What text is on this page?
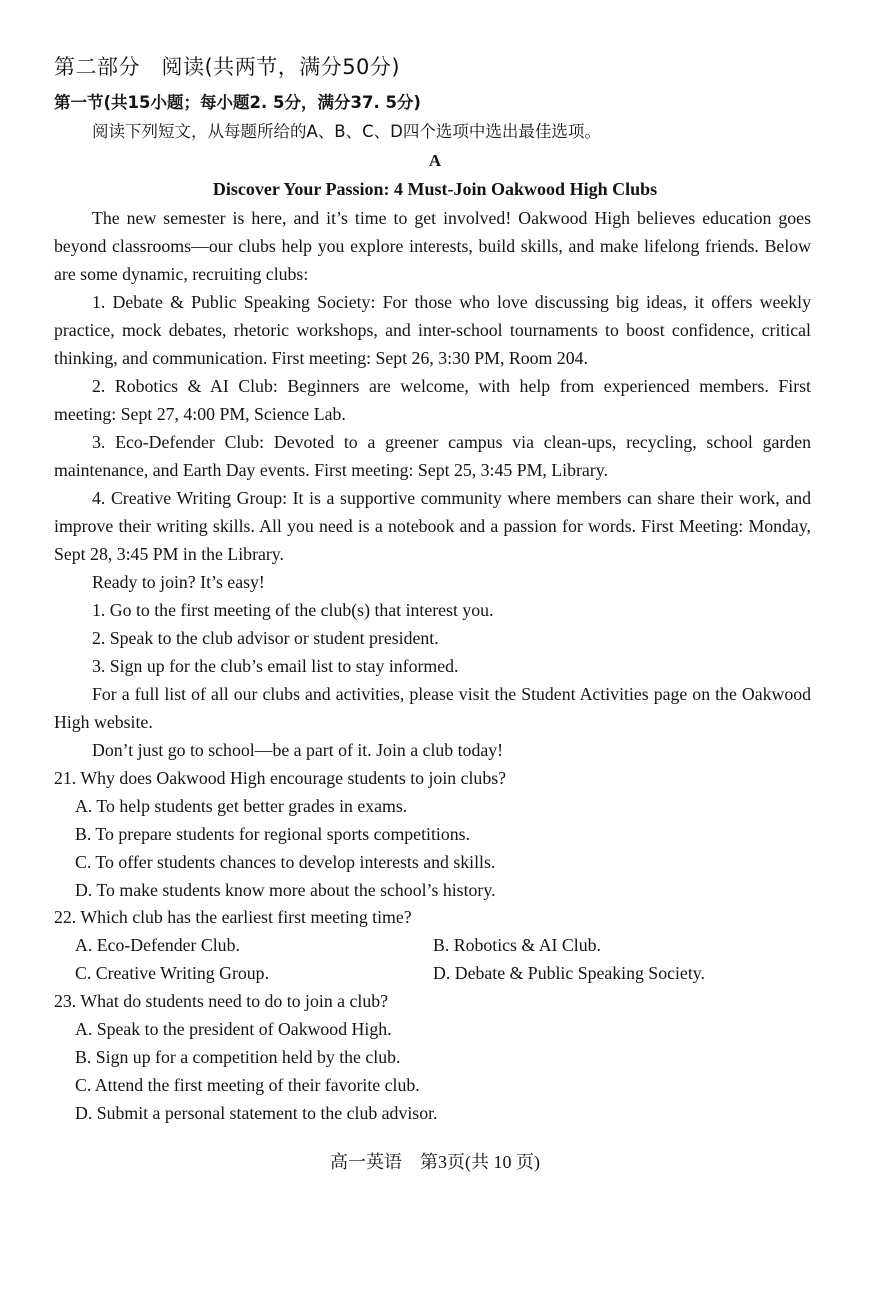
第二部分　阅读(共两节，满分50分)
第一节(共15小题；每小题2. 5分，满分37. 5分)
阅读下列短文，从每题所给的A、B、C、D四个选项中选出最佳选项。
A
Discover Your Passion: 4 Must-Join Oakwood High Clubs

The new semester is here, and it’s time to get involved! Oakwood High believes education goes beyond classrooms—our clubs help you explore interests, build skills, and make lifelong friends. Below are some dynamic, recruiting clubs:

1. Debate & Public Speaking Society: For those who love discussing big ideas, it offers weekly practice, mock debates, rhetoric workshops, and inter-school tournaments to boost confidence, critical thinking, and communication. First meeting: Sept 26, 3:30 PM, Room 204.

2. Robotics & AI Club: Beginners are welcome, with help from experienced members. First meeting: Sept 27, 4:00 PM, Science Lab.

3. Eco-Defender Club: Devoted to a greener campus via clean-ups, recycling, school garden maintenance, and Earth Day events. First meeting: Sept 25, 3:45 PM, Library.

4. Creative Writing Group: It is a supportive community where members can share their work, and improve their writing skills. All you need is a notebook and a passion for words. First Meeting: Monday, Sept 28, 3:45 PM in the Library.

Ready to join? It’s easy!

1. Go to the first meeting of the club(s) that interest you.

2. Speak to the club advisor or student president.

3. Sign up for the club’s email list to stay informed.

For a full list of all our clubs and activities, please visit the Student Activities page on the Oakwood High website.

Don’t just go to school—be a part of it. Join a club today!

21. Why does Oakwood High encourage students to join clubs?

A. To help students get better grades in exams.

B. To prepare students for regional sports competitions.

C. To offer students chances to develop interests and skills.

D. To make students know more about the school’s history.

22. Which club has the earliest first meeting time?

A. Eco-Defender Club.	B. Robotics & AI Club.

C. Creative Writing Group.	D. Debate & Public Speaking Society.

23. What do students need to do to join a club?

A. Speak to the president of Oakwood High.

B. Sign up for a competition held by the club.

C. Attend the first meeting of their favorite club.

D. Submit a personal statement to the club advisor.

高一英语　第3页(共 10 页)
